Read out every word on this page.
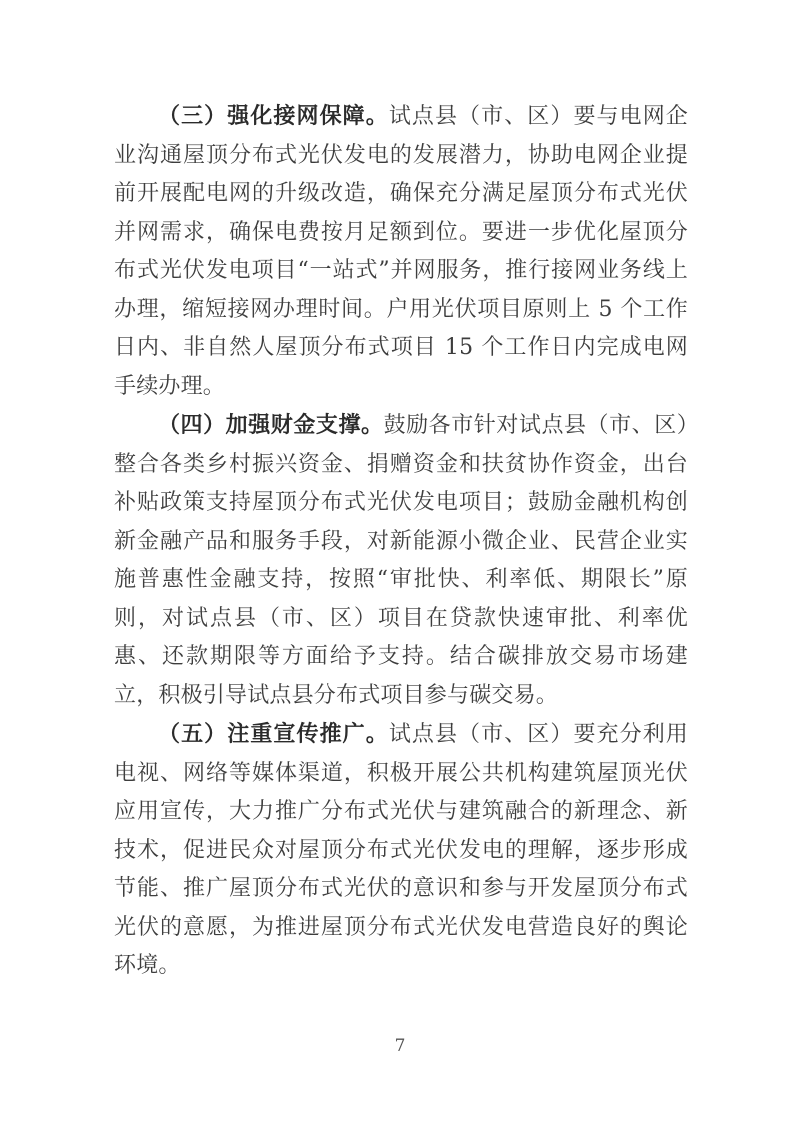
（三）强化接网保障。试点县（市、区）要与电网企业沟通屋顶分布式光伏发电的发展潜力，协助电网企业提前开展配电网的升级改造，确保充分满足屋顶分布式光伏并网需求，确保电费按月足额到位。要进一步优化屋顶分布式光伏发电项目“一站式”并网服务，推行接网业务线上办理，缩短接网办理时间。户用光伏项目原则上 5 个工作日内、非自然人屋顶分布式项目 15 个工作日内完成电网手续办理。

（四）加强财金支撑。鼓励各市针对试点县（市、区）整合各类乡村振兴资金、捐赠资金和扶贫协作资金，出台补贴政策支持屋顶分布式光伏发电项目；鼓励金融机构创新金融产品和服务手段，对新能源小微企业、民营企业实施普惠性金融支持，按照“审批快、利率低、期限长”原则，对试点县（市、区）项目在贷款快速审批、利率优惠、还款期限等方面给予支持。结合碳排放交易市场建立，积极引导试点县分布式项目参与碳交易。

（五）注重宣传推广。试点县（市、区）要充分利用电视、网络等媒体渠道，积极开展公共机构建筑屋顶光伏应用宣传，大力推广分布式光伏与建筑融合的新理念、新技术，促进民众对屋顶分布式光伏发电的理解，逐步形成节能、推广屋顶分布式光伏的意识和参与开发屋顶分布式光伏的意愿，为推进屋顶分布式光伏发电营造良好的舆论环境。

7
